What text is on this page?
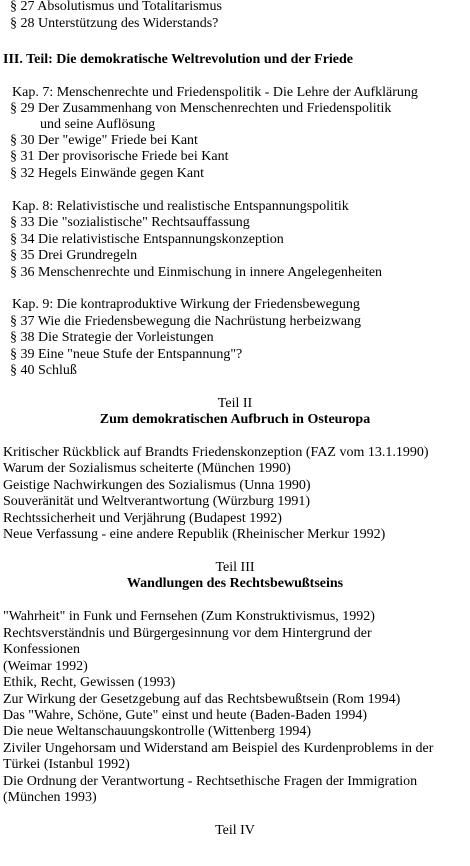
§ 27 Absolutismus und Totalitarismus
§ 28 Unterstützung des Widerstands?
III. Teil: Die demokratische Weltrevolution und der Friede
Kap. 7: Menschenrechte und Friedenspolitik - Die Lehre der Aufklärung
§ 29 Der Zusammenhang von Menschenrechten und Friedenspolitik
und seine Auflösung
§ 30 Der "ewige" Friede bei Kant
§ 31 Der provisorische Friede bei Kant
§ 32 Hegels Einwände gegen Kant
Kap. 8: Relativistische und realistische Entspannungspolitik
§ 33 Die "sozialistische" Rechtsauffassung
§ 34 Die relativistische Entspannungskonzeption
§ 35 Drei Grundregeln
§ 36 Menschenrechte und Einmischung in innere Angelegenheiten
Kap. 9: Die kontraproduktive Wirkung der Friedensbewegung
§ 37 Wie die Friedensbewegung die Nachrüstung herbeizwang
§ 38 Die Strategie der Vorleistungen
§ 39 Eine "neue Stufe der Entspannung"?
§ 40 Schluß
Teil II
Zum demokratischen Aufbruch in Osteuropa
Kritischer Rückblick auf Brandts Friedenskonzeption (FAZ vom 13.1.1990)
Warum der Sozialismus scheiterte (München 1990)
Geistige Nachwirkungen des Sozialismus (Unna 1990)
Souveränität und Weltverantwortung (Würzburg 1991)
Rechtssicherheit und Verjährung (Budapest 1992)
Neue Verfassung - eine andere Republik (Rheinischer Merkur 1992)
Teil III
Wandlungen des Rechtsbewußtseins
"Wahrheit" in Funk und Fernsehen (Zum Konstruktivismus, 1992)
Rechtsverständnis und Bürgergesinnung vor dem Hintergrund der
Konfessionen
(Weimar 1992)
Ethik, Recht, Gewissen (1993)
Zur Wirkung der Gesetzgebung auf das Rechtsbewußtsein (Rom 1994)
Das "Wahre, Schöne, Gute" einst und heute (Baden-Baden 1994)
Die neue Weltanschauungskontrolle (Wittenberg 1994)
Ziviler Ungehorsam und Widerstand am Beispiel des Kurdenproblems in der
Türkei (Istanbul 1992)
Die Ordnung der Verantwortung - Rechtsethische Fragen der Immigration
(München 1993)
Teil IV
